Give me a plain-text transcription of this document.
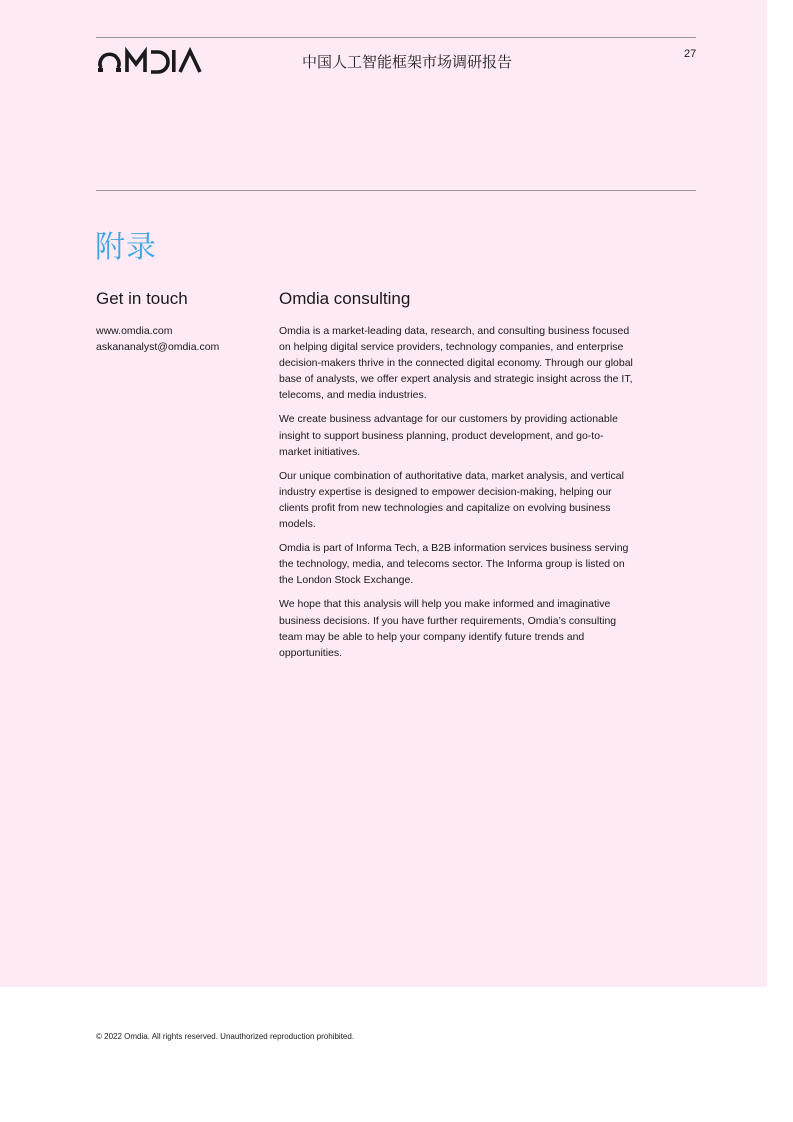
中国人工智能框架市场调研报告	27
附录
Get in touch	Omdia consulting
www.omdia.com
askananalyst@omdia.com

Omdia is a market-leading data, research, and consulting business focused on helping digital service providers, technology companies, and enterprise decision-makers thrive in the connected digital economy. Through our global base of analysts, we offer expert analysis and strategic insight across the IT, telecoms, and media industries.

We create business advantage for our customers by providing actionable insight to support business planning, product development, and go-to-market initiatives.

Our unique combination of authoritative data, market analysis, and vertical industry expertise is designed to empower decision-making, helping our clients profit from new technologies and capitalize on evolving business models.

Omdia is part of Informa Tech, a B2B information services business serving the technology, media, and telecoms sector. The Informa group is listed on the London Stock Exchange.

We hope that this analysis will help you make informed and imaginative business decisions. If you have further requirements, Omdia’s consulting team may be able to help your company identify future trends and opportunities.

© 2022 Omdia. All rights reserved. Unauthorized reproduction prohibited.
